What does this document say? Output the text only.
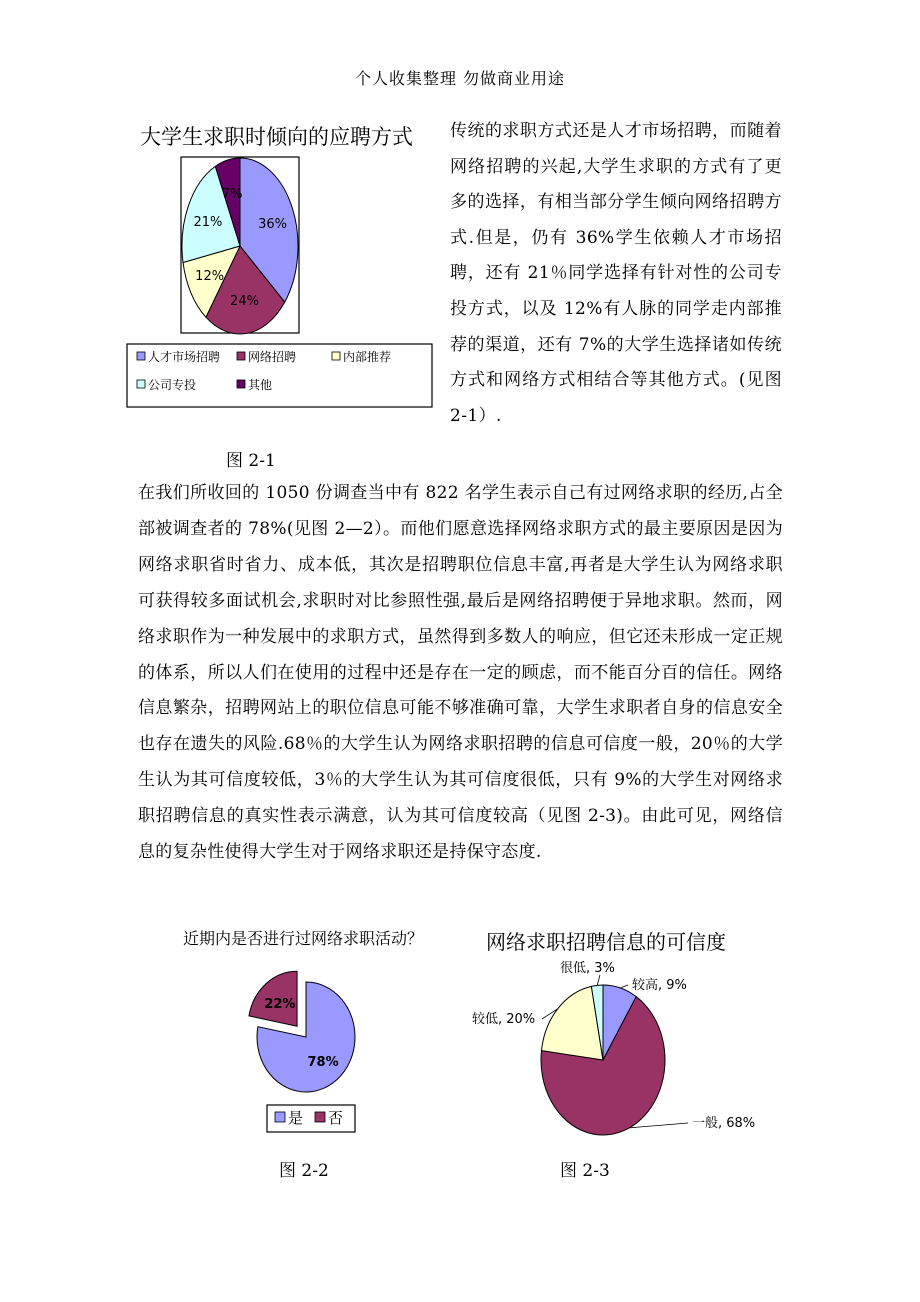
个人收集整理 勿做商业用途
大学生求职时倾向的应聘方式
36%
24%
12%
21%
7%
人才市场招聘 网络招聘	内部推荐
公司专投	其他
图 2-1
传统的求职方式还是人才市场招聘，而随着网络招聘的兴起,大学生求职的方式有了更多的选择，有相当部分学生倾向网络招聘方式.但是，仍有 36%学生依赖人才市场招聘，还有 21％同学选择有针对性的公司专投方式，以及 12%有人脉的同学走内部推荐的渠道，还有 7%的大学生选择诸如传统方式和网络方式相结合等其他方式。(见图 2-1）.
在我们所收回的 1050 份调查当中有 822 名学生表示自己有过网络求职的经历,占全部被调查者的 78%(见图 2—2）。而他们愿意选择网络求职方式的最主要原因是因为网络求职省时省力、成本低，其次是招聘职位信息丰富,再者是大学生认为网络求职可获得较多面试机会,求职时对比参照性强,最后是网络招聘便于异地求职。然而，网络求职作为一种发展中的求职方式，虽然得到多数人的响应，但它还未形成一定正规的体系，所以人们在使用的过程中还是存在一定的顾虑，而不能百分百的信任。网络信息繁杂，招聘网站上的职位信息可能不够准确可靠，大学生求职者自身的信息安全也存在遗失的风险.68％的大学生认为网络求职招聘的信息可信度一般，20％的大学生认为其可信度较低，3％的大学生认为其可信度很低，只有 9%的大学生对网络求职招聘信息的真实性表示满意，认为其可信度较高（见图 2-3)。由此可见，网络信息的复杂性使得大学生对于网络求职还是持保守态度.
近期内是否进行过网络求职活动？
78%
22%
是 否
图 2-2
网络求职招聘信息的可信度
较高, 9%
一般, 68%
较低, 20%
很低, 3%
图 2-3
